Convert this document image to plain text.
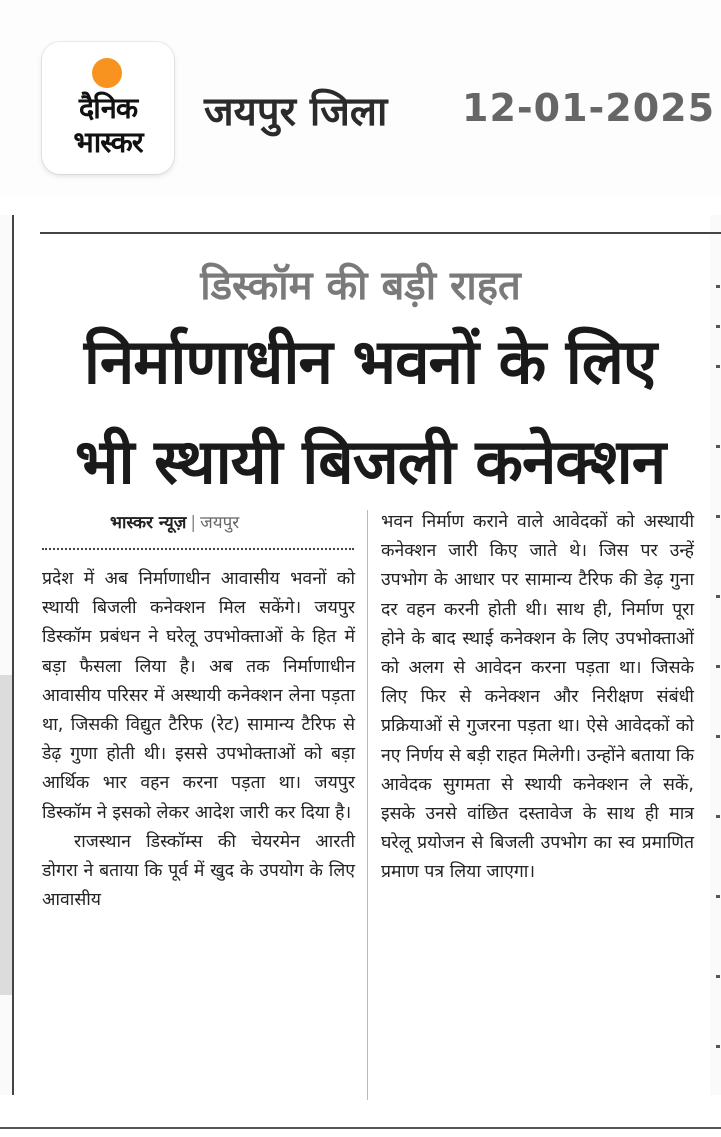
दैनिक
भास्कर
जयपुर जिला 12-01-2025
डिस्कॉम की बड़ी राहत
निर्माणाधीन भवनों के लिए
भी स्थायी बिजली कनेक्शन
भास्कर न्यूज़ | जयपुर

प्रदेश में अब निर्माणाधीन आवासीय भवनों को स्थायी बिजली कनेक्शन मिल सकेंगे। जयपुर डिस्कॉम प्रबंधन ने घरेलू उपभोक्ताओं के हित में बड़ा फैसला लिया है। अब तक निर्माणाधीन आवासीय परिसर में अस्थायी कनेक्शन लेना पड़ता था, जिसकी विद्युत टैरिफ (रेट) सामान्य टैरिफ से डेढ़ गुणा होती थी। इससे उपभोक्ताओं को बड़ा आर्थिक भार वहन करना पड़ता था। जयपुर डिस्कॉम ने इसको लेकर आदेश जारी कर दिया है।

राजस्थान डिस्कॉम्स की चेयरमेन आरती डोगरा ने बताया कि पूर्व में खुद के उपयोग के लिए आवासीय

भवन निर्माण कराने वाले आवेदकों को अस्थायी कनेक्शन जारी किए जाते थे। जिस पर उन्हें उपभोग के आधार पर सामान्य टैरिफ की डेढ़ गुना दर वहन करनी होती थी। साथ ही, निर्माण पूरा होने के बाद स्थाई कनेक्शन के लिए उपभोक्ताओं को अलग से आवेदन करना पड़ता था। जिसके लिए फिर से कनेक्शन और निरीक्षण संबंधी प्रक्रियाओं से गुजरना पड़ता था। ऐसे आवेदकों को नए निर्णय से बड़ी राहत मिलेगी। उन्होंने बताया कि आवेदक सुगमता से स्थायी कनेक्शन ले सकें, इसके उनसे वांछित दस्तावेज के साथ ही मात्र घरेलू प्रयोजन से बिजली उपभोग का स्व प्रमाणित प्रमाण पत्र लिया जाएगा।
